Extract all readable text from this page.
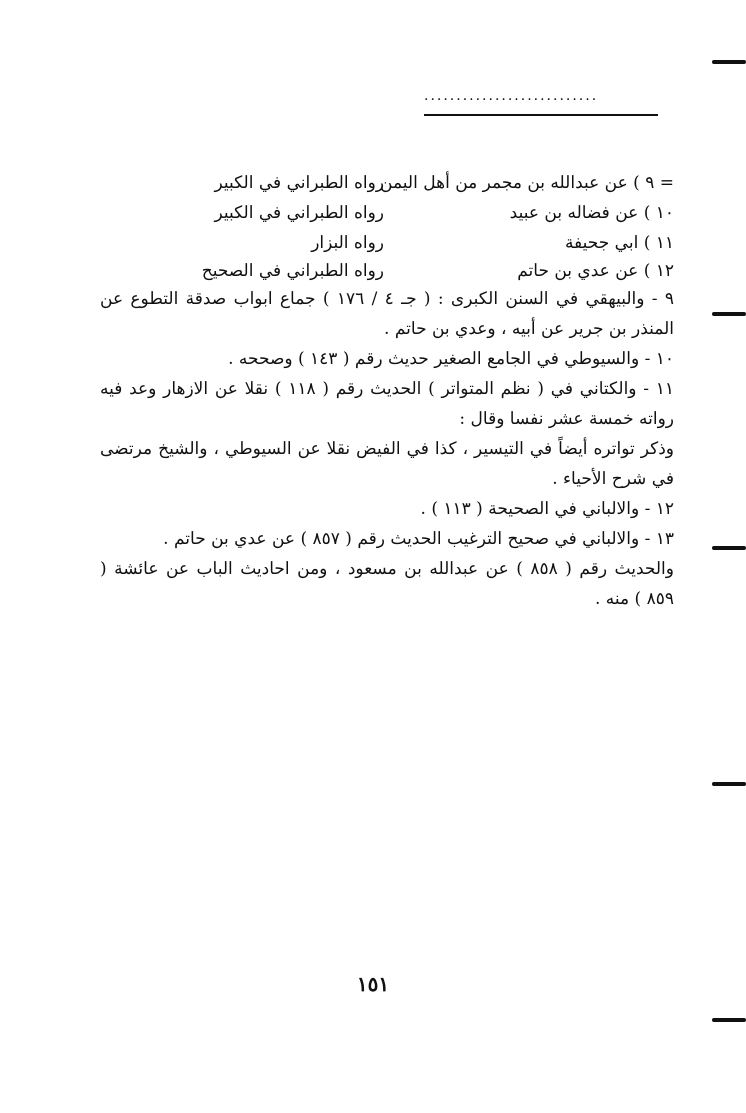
...........................
= ٩ ) عن عبدالله بن مجمر من أهل اليمن
رواه الطبراني في الكبير
١٠ ) عن فضاله بن عبيد
رواه الطبراني في الكبير
١١ ) ابي جحيفة
رواه البزار
١٢ ) عن عدي بن حاتم
رواه الطبراني في الصحيح

٩ - والبيهقي في السنن الكبرى : ( جـ ٤ / ١٧٦ ) جماع ابواب صدقة التطوع عن المنذر بن جرير عن أبيه ، وعدي بن حاتم .

١٠ - والسيوطي في الجامع الصغير حديث رقم ( ١٤٣ ) وصححه .

١١ - والكتاني في ( نظم المتواتر ) الحديث رقم ( ١١٨ ) نقلا عن الازهار وعد فيه رواته خمسة عشر نفسا وقال :

وذكر تواتره أيضاً في التيسير ، كذا في الفيض نقلا عن السيوطي ، والشيخ مرتضى في شرح الأحياء .

١٢ - والالباني في الصحيحة ( ١١٣ ) .

١٣ - والالباني في صحيح الترغيب الحديث رقم ( ٨٥٧ ) عن عدي بن حاتم .

والحديث رقم ( ٨٥٨ ) عن عبدالله بن مسعود ، ومن احاديث الباب عن عائشة ( ٨٥٩ ) منه .

١٥١
